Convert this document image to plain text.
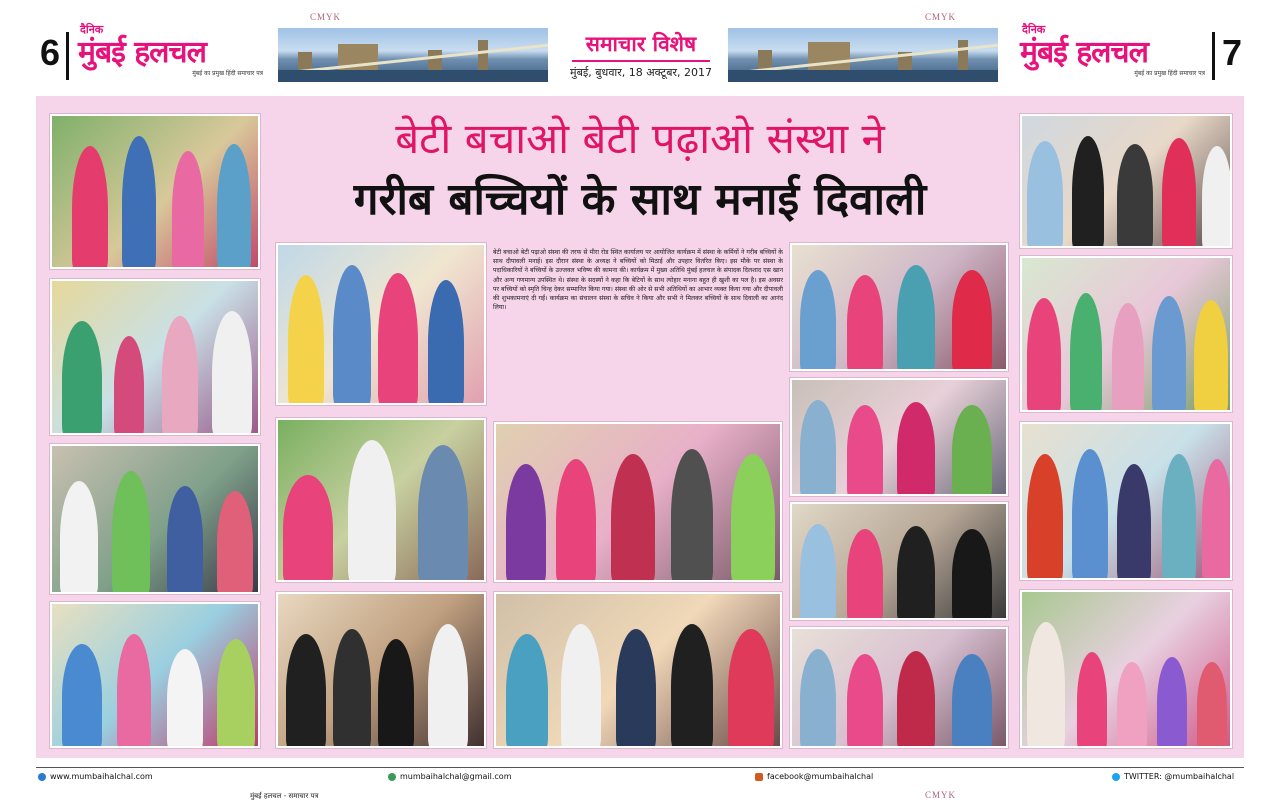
6
दैनिक
मुंबई हलचल
मुंबई का प्रमुख हिंदी समाचार पत्र
CMYK
समाचार विशेष
मुंबई, बुधवार, 18 अक्टूबर, 2017
CMYK
दैनिक
मुंबई हलचल
मुंबई का प्रमुख हिंदी समाचार पत्र
7
बेटी बचाओ बेटी पढ़ाओ संस्था ने
गरीब बच्चियों के साथ मनाई दिवाली
बेटी बचाओ बेटी पढ़ाओ संस्था की तरफ से मीरा रोड स्थित कार्यालय पर आयोजित कार्यक्रम में संस्था के कर्मियों ने गरीब बच्चियों के साथ दीपावली मनाई। इस दौरान संस्था के अध्यक्ष ने बच्चियों को मिठाई और उपहार वितरित किए। इस मौके पर संस्था के पदाधिकारियों ने बच्चियों के उज्जवल भविष्य की कामना की। कार्यक्रम में मुख्य अतिथि मुंबई हलचल के संपादक दिलशाद एस खान और अन्य गणमान्य उपस्थित थे। संस्था के सदस्यों ने कहा कि बेटियों के साथ त्योहार मनाना बहुत ही खुशी का पल है। इस अवसर पर बच्चियों को स्मृति चिन्ह देकर सम्मानित किया गया। संस्था की ओर से सभी अतिथियों का आभार व्यक्त किया गया और दीपावली की शुभकामनाएं दी गईं। कार्यक्रम का संचालन संस्था के सचिव ने किया और सभी ने मिलकर बच्चियों के साथ दिवाली का आनंद लिया।
www.mumbaihalchal.com	mumbaihalchal@gmail.com	facebook@mumbaihalchal	TWITTER: @mumbaihalchal
मुंबई हलचल - समाचार पत्र	CMYK
